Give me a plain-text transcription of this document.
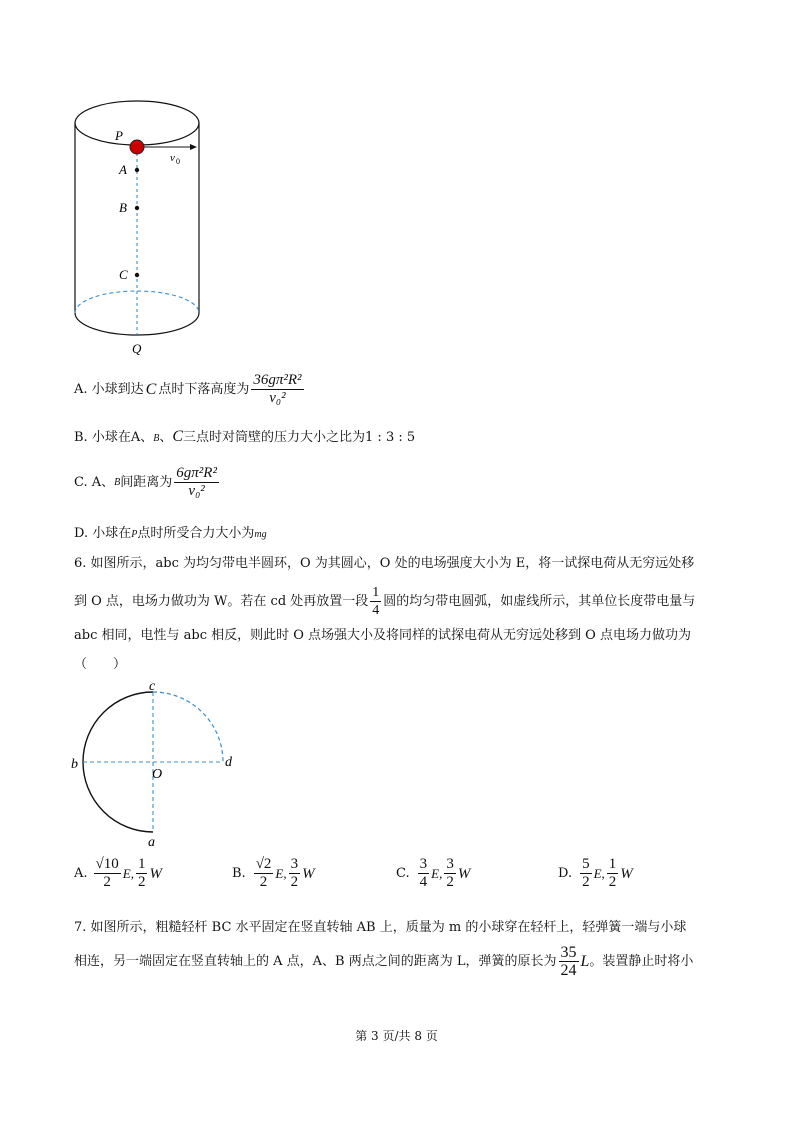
P
v 0
A
B
C
Q
A. 小球到达 C 点时下落高度为 $\frac{\text{36gπ²R²}}{\text{v₀²}}$
B. 小球在A、B、C三点时对筒壁的压力大小之比为1 : 3 : 5
C. A、 B 间距离为 $\frac{\text{6gπ²R²}}{\text{v₀²}}$
D. 小球在P点时所受合力大小为mg
6. 如图所示，abc 为均匀带电半圆环，O 为其圆心，O 处的电场强度大小为 E，将一试探电荷从无穷远处移
到 O 点，电场力做功为 W。若在 cd 处再放置一段 $\frac{1}{4}$ 圆的均匀带电圆弧，如虚线所示，其单位长度带电量与
abc 相同，电性与 abc 相反，则此时 O 点场强大小及将同样的试探电荷从无穷远处移到 O 点电场力做功为
（　　）
c
b
O
d
a
A. $\frac{√10}{2} E$, $\frac{1}{2}$ W	B. $\frac{√2}{2} E$, $\frac{3}{2}$ W	C. $\frac{3}{4} E$, $\frac{3}{2}$ W	D. $\frac{5}{2} E$, $\frac{1}{2}$ W
7. 如图所示，粗糙轻杆 BC 水平固定在竖直转轴 AB 上，质量为 m 的小球穿在轻杆上，轻弹簧一端与小球
相连，另一端固定在竖直转轴上的 A 点，A、B 两点之间的距离为 L，弹簧的原长为 $\frac{35}{24}$ L 。装置静止时将小
第 3 页/共 8 页
